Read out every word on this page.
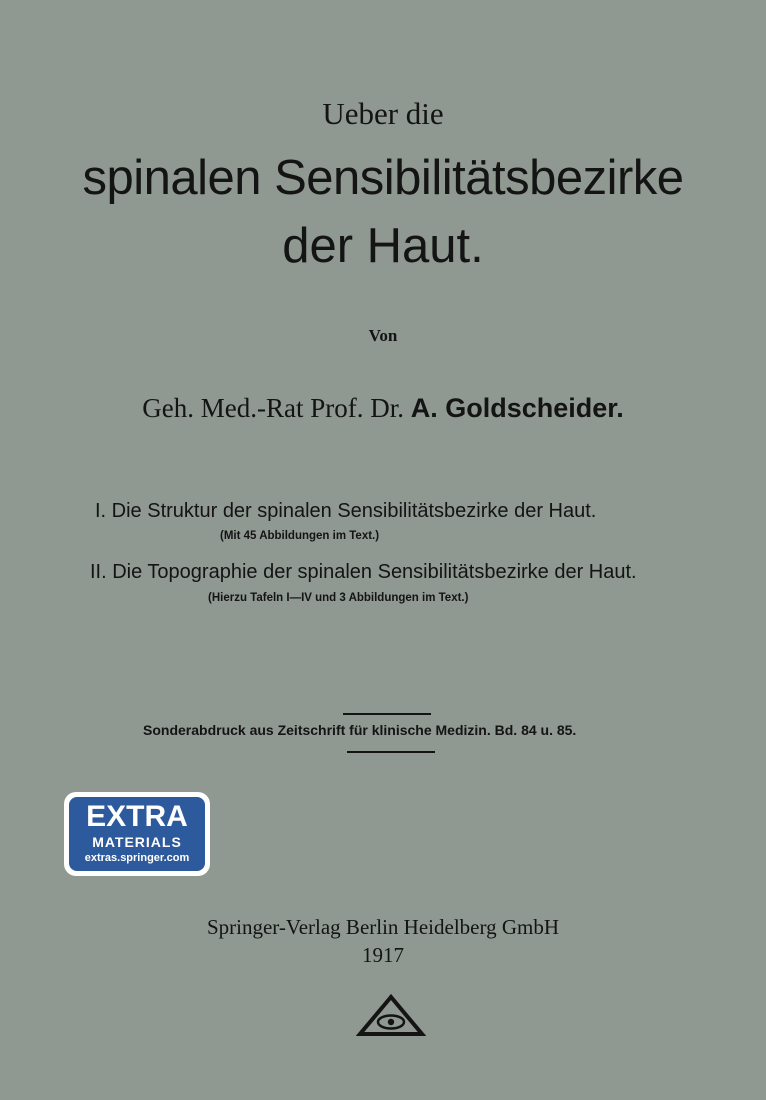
Ueber die
spinalen Sensibilitätsbezirke
der Haut.
Von
Geh. Med.-Rat Prof. Dr. A. Goldscheider.
I. Die Struktur der spinalen Sensibilitätsbezirke der Haut.
(Mit 45 Abbildungen im Text.)
II. Die Topographie der spinalen Sensibilitätsbezirke der Haut.
(Hierzu Tafeln I—IV und 3 Abbildungen im Text.)
Sonderabdruck aus Zeitschrift für klinische Medizin. Bd. 84 u. 85.
EXTRA
MATERIALS
extras.springer.com
Springer-Verlag Berlin Heidelberg GmbH
1917
